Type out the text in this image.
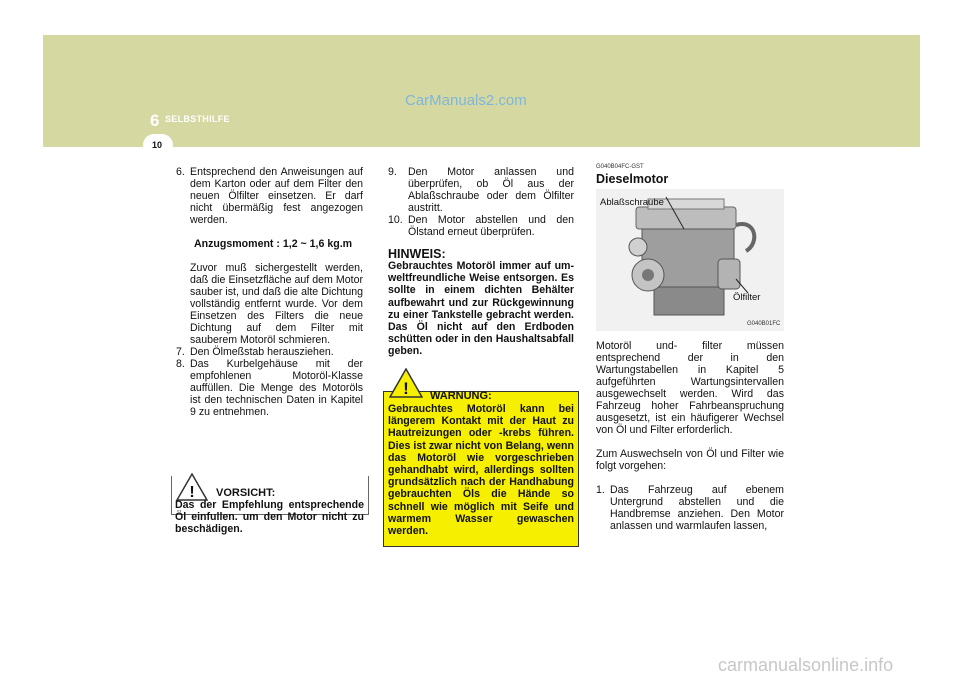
6 SELBSTHILFE
10
CarManuals2.com
carmanualsonline.info
6. Entsprechend den Anweisungen auf dem Karton oder auf dem Filter den neuen Ölfilter einsetzen. Er darf nicht übermäßig fest angezogen werden.

Anzugsmoment : 1,2 ~ 1,6 kg.m

Zuvor muß sichergestellt werden, daß die Einsetzfläche auf dem Motor sauber ist, und daß die alte Dichtung vollständig entfernt wurde. Vor dem Einsetzen des Filters die neue Dichtung auf dem Filter mit sauberem Motoröl schmieren.

7. Den Ölmeßstab herausziehen.
8. Das Kurbelgehäuse mit der empfohlenen Motoröl-Klasse auffüllen. Die Menge des Motoröls ist den technischen Daten in Kapitel 9 zu entnehmen.
! VORSICHT:
Das der Empfehlung entsprechende Öl einfullen. um den Motor nicht zu beschädigen.
9.	Den Motor anlassen und überprüfen, ob Öl aus der Ablaßschraube oder dem Ölfilter austritt.
10. Den Motor abstellen und den Ölstand erneut überprüfen.

HINWEIS:

Gebrauchtes Motoröl immer auf um-weltfreundliche Weise entsorgen. Es sollte in einem dichten Behälter aufbewahrt und zur Rückgewinnung zu einer Tankstelle gebracht werden. Das Öl nicht auf den Erdboden schütten oder in den Haushaltsabfall geben.

! WARNUNG:
Gebrauchtes Motoröl kann bei längerem Kontakt mit der Haut zu Hautreizungen oder -krebs führen. Dies ist zwar nicht von Belang, wenn das Motoröl wie vorgeschrieben gehandhabt wird, allerdings sollten grundsätzlich nach der Handhabung gebrauchten Öls die Hände so schnell wie möglich mit Seife und warmem Wasser gewaschen werden.
G040B04FC-GST
Dieselmotor
Ablaßschraube
Ölfilter
G040B01FC

Motoröl und- filter müssen entsprechend der in den Wartungstabellen in Kapitel 5 aufgeführten Wartungsintervallen ausgewechselt werden. Wird das Fahrzeug hoher Fahrbeanspruchung ausgesetzt, ist ein häufigerer Wechsel von Öl und Filter erforderlich.

Zum Auswechseln von Öl und Filter wie folgt vorgehen:

1. Das Fahrzeug auf ebenem Untergrund abstellen und die Handbremse anziehen. Den Motor anlassen und warmlaufen lassen,
